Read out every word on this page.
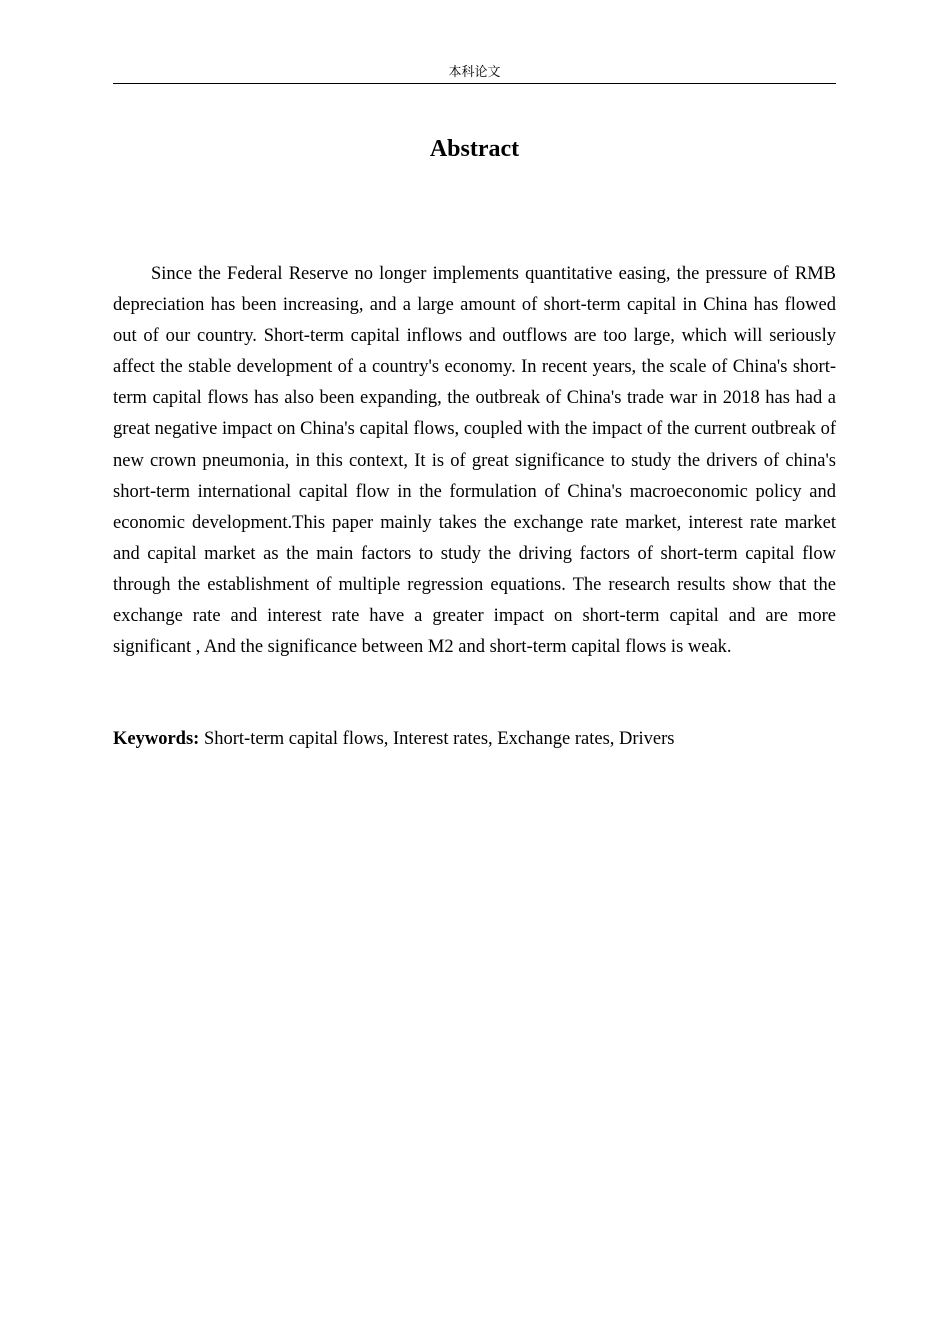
本科论文
Abstract

Since the Federal Reserve no longer implements quantitative easing, the pressure of RMB depreciation has been increasing, and a large amount of short-term capital in China has flowed out of our country. Short-term capital inflows and outflows are too large, which will seriously affect the stable development of a country's economy. In recent years, the scale of China's short-term capital flows has also been expanding, the outbreak of China's trade war in 2018 has had a great negative impact on China's capital flows, coupled with the impact of the current outbreak of new crown pneumonia, in this context, It is of great significance to study the drivers of china's short-term international capital flow in the formulation of China's macroeconomic policy and economic development.This paper mainly takes the exchange rate market, interest rate market and capital market as the main factors to study the driving factors of short-term capital flow through the establishment of multiple regression equations. The research results show that the exchange rate and interest rate have a greater impact on short-term capital and are more significant , And the significance between M2 and short-term capital flows is weak.

Keywords: Short-term capital flows, Interest rates, Exchange rates, Drivers
